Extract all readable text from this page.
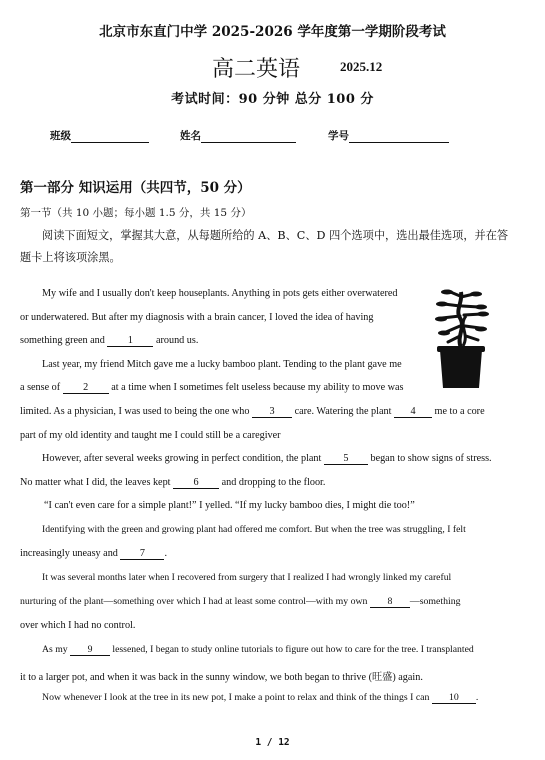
北京市东直门中学 2025-2026 学年度第一学期阶段考试
高二英语	2025.12
考试时间：90 分钟 总分 100 分
班级	姓名	学号
第一部分 知识运用（共四节，50 分）
第一节（共 10 小题；每小题 1.5 分，共 15 分）
阅读下面短文，掌握其大意，从每题所给的 A、B、C、D 四个选项中，选出最佳选项，并在答题卡上将该项涂黑。
My wife and I usually don't keep houseplants. Anything in pots gets either overwatered
or underwatered. But after my diagnosis with a brain cancer, I loved the idea of having
something green and 1 around us.
Last year, my friend Mitch gave me a lucky bamboo plant. Tending to the plant gave me
a sense of 2 at a time when I sometimes felt useless because my ability to move was
limited. As a physician, I was used to being the one who 3 care. Watering the plant 4 me to a core
part of my old identity and taught me I could still be a caregiver
However, after several weeks growing in perfect condition, the plant 5 began to show signs of stress.
No matter what I did, the leaves kept 6 and dropping to the floor.
“I can't even care for a simple plant!” I yelled. “If my lucky bamboo dies, I might die too!”
Identifying with the green and growing plant had offered me comfort. But when the tree was struggling, I felt
increasingly uneasy and 7 .
It was several months later when I recovered from surgery that I realized I had wrongly linked my careful
nurturing of the plant—something over which I had at least some control—with my own 8 —something
over which I had no control.
As my 9 lessened, I began to study online tutorials to figure out how to care for the tree. I transplanted
it to a larger pot, and when it was back in the sunny window, we both began to thrive (旺盛) again.
Now whenever I look at the tree in its new pot, I make a point to relax and think of the things I can 10 .
1 / 12
